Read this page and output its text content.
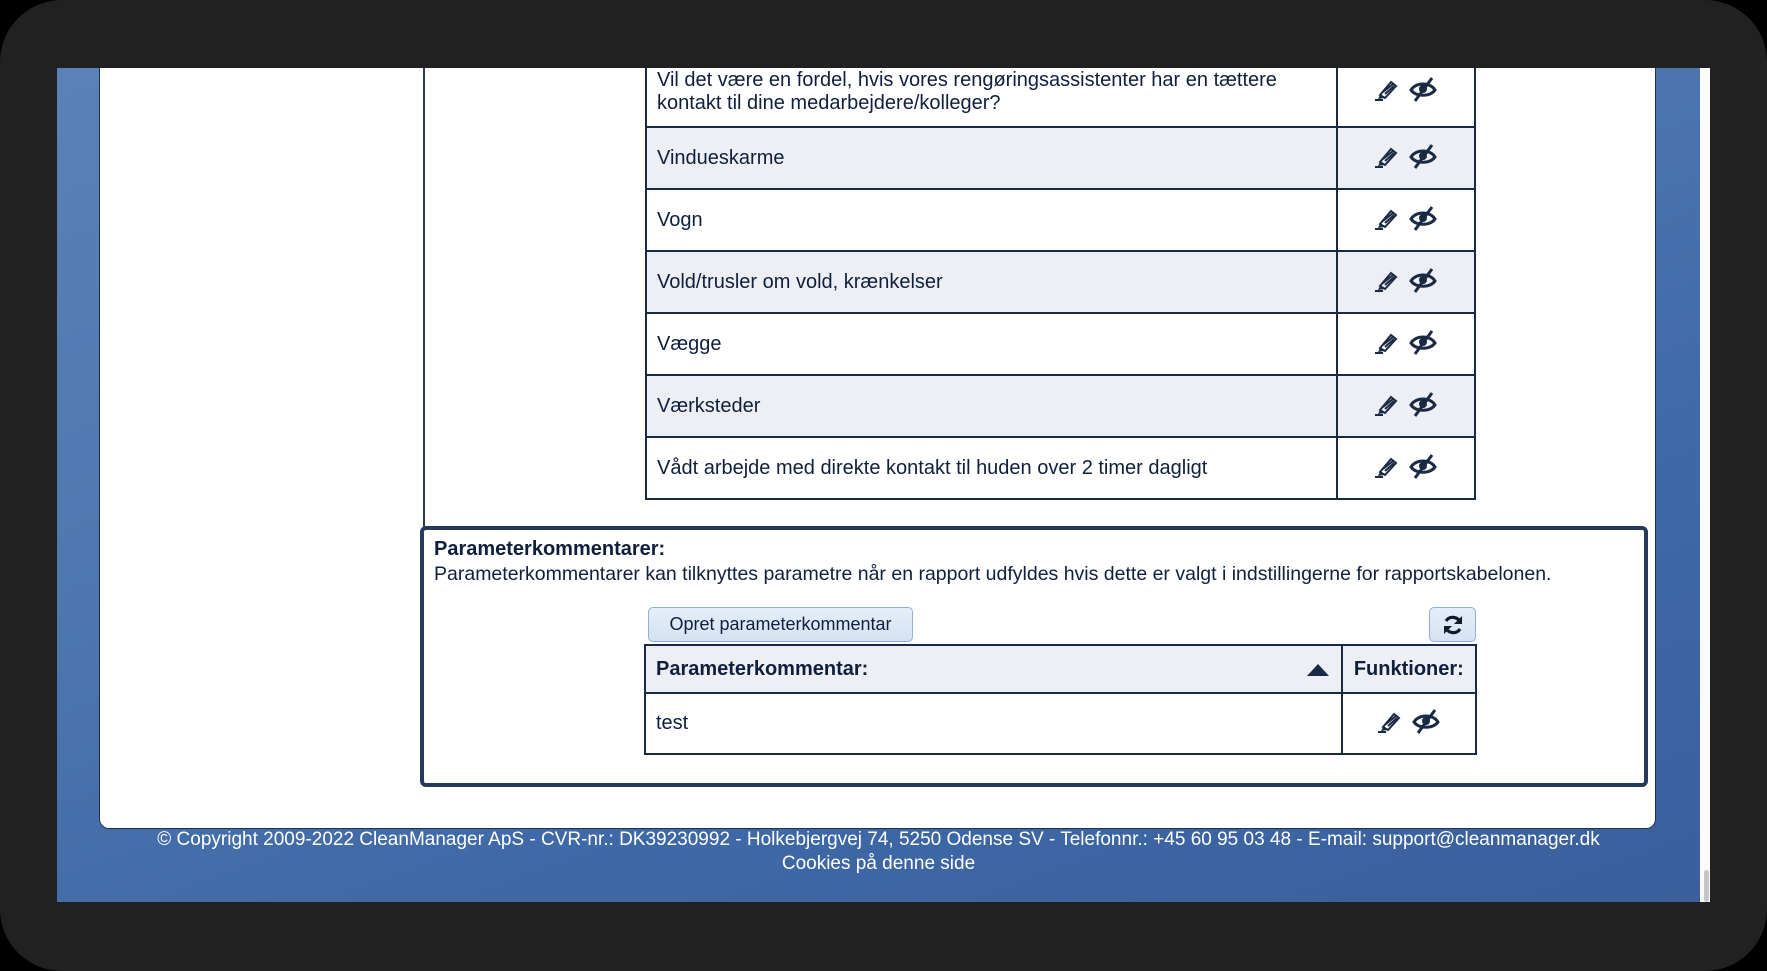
Vil det være en fordel, hvis vores rengøringsassistenter har en tættere kontakt til dine medarbejdere/kolleger?	

Vindueskarme	

Vogn	

Vold/trusler om vold, krænkelser	

Vægge	

Værksteder	

Vådt arbejde med direkte kontakt til huden over 2 timer dagligt	
Parameterkommentarer:
Parameterkommentarer kan tilknyttes parametre når en rapport udfyldes hvis dette er valgt i indstillingerne for rapportskabelonen.
Opret parameterkommentar
Parameterkommentar:	Funktioner:
test	
© Copyright 2009-2022 CleanManager ApS - CVR-nr.: DK39230992 - Holkebjergvej 74, 5250 Odense SV - Telefonnr.: +45 60 95 03 48 - E-mail: support@cleanmanager.dk
Cookies på denne side
